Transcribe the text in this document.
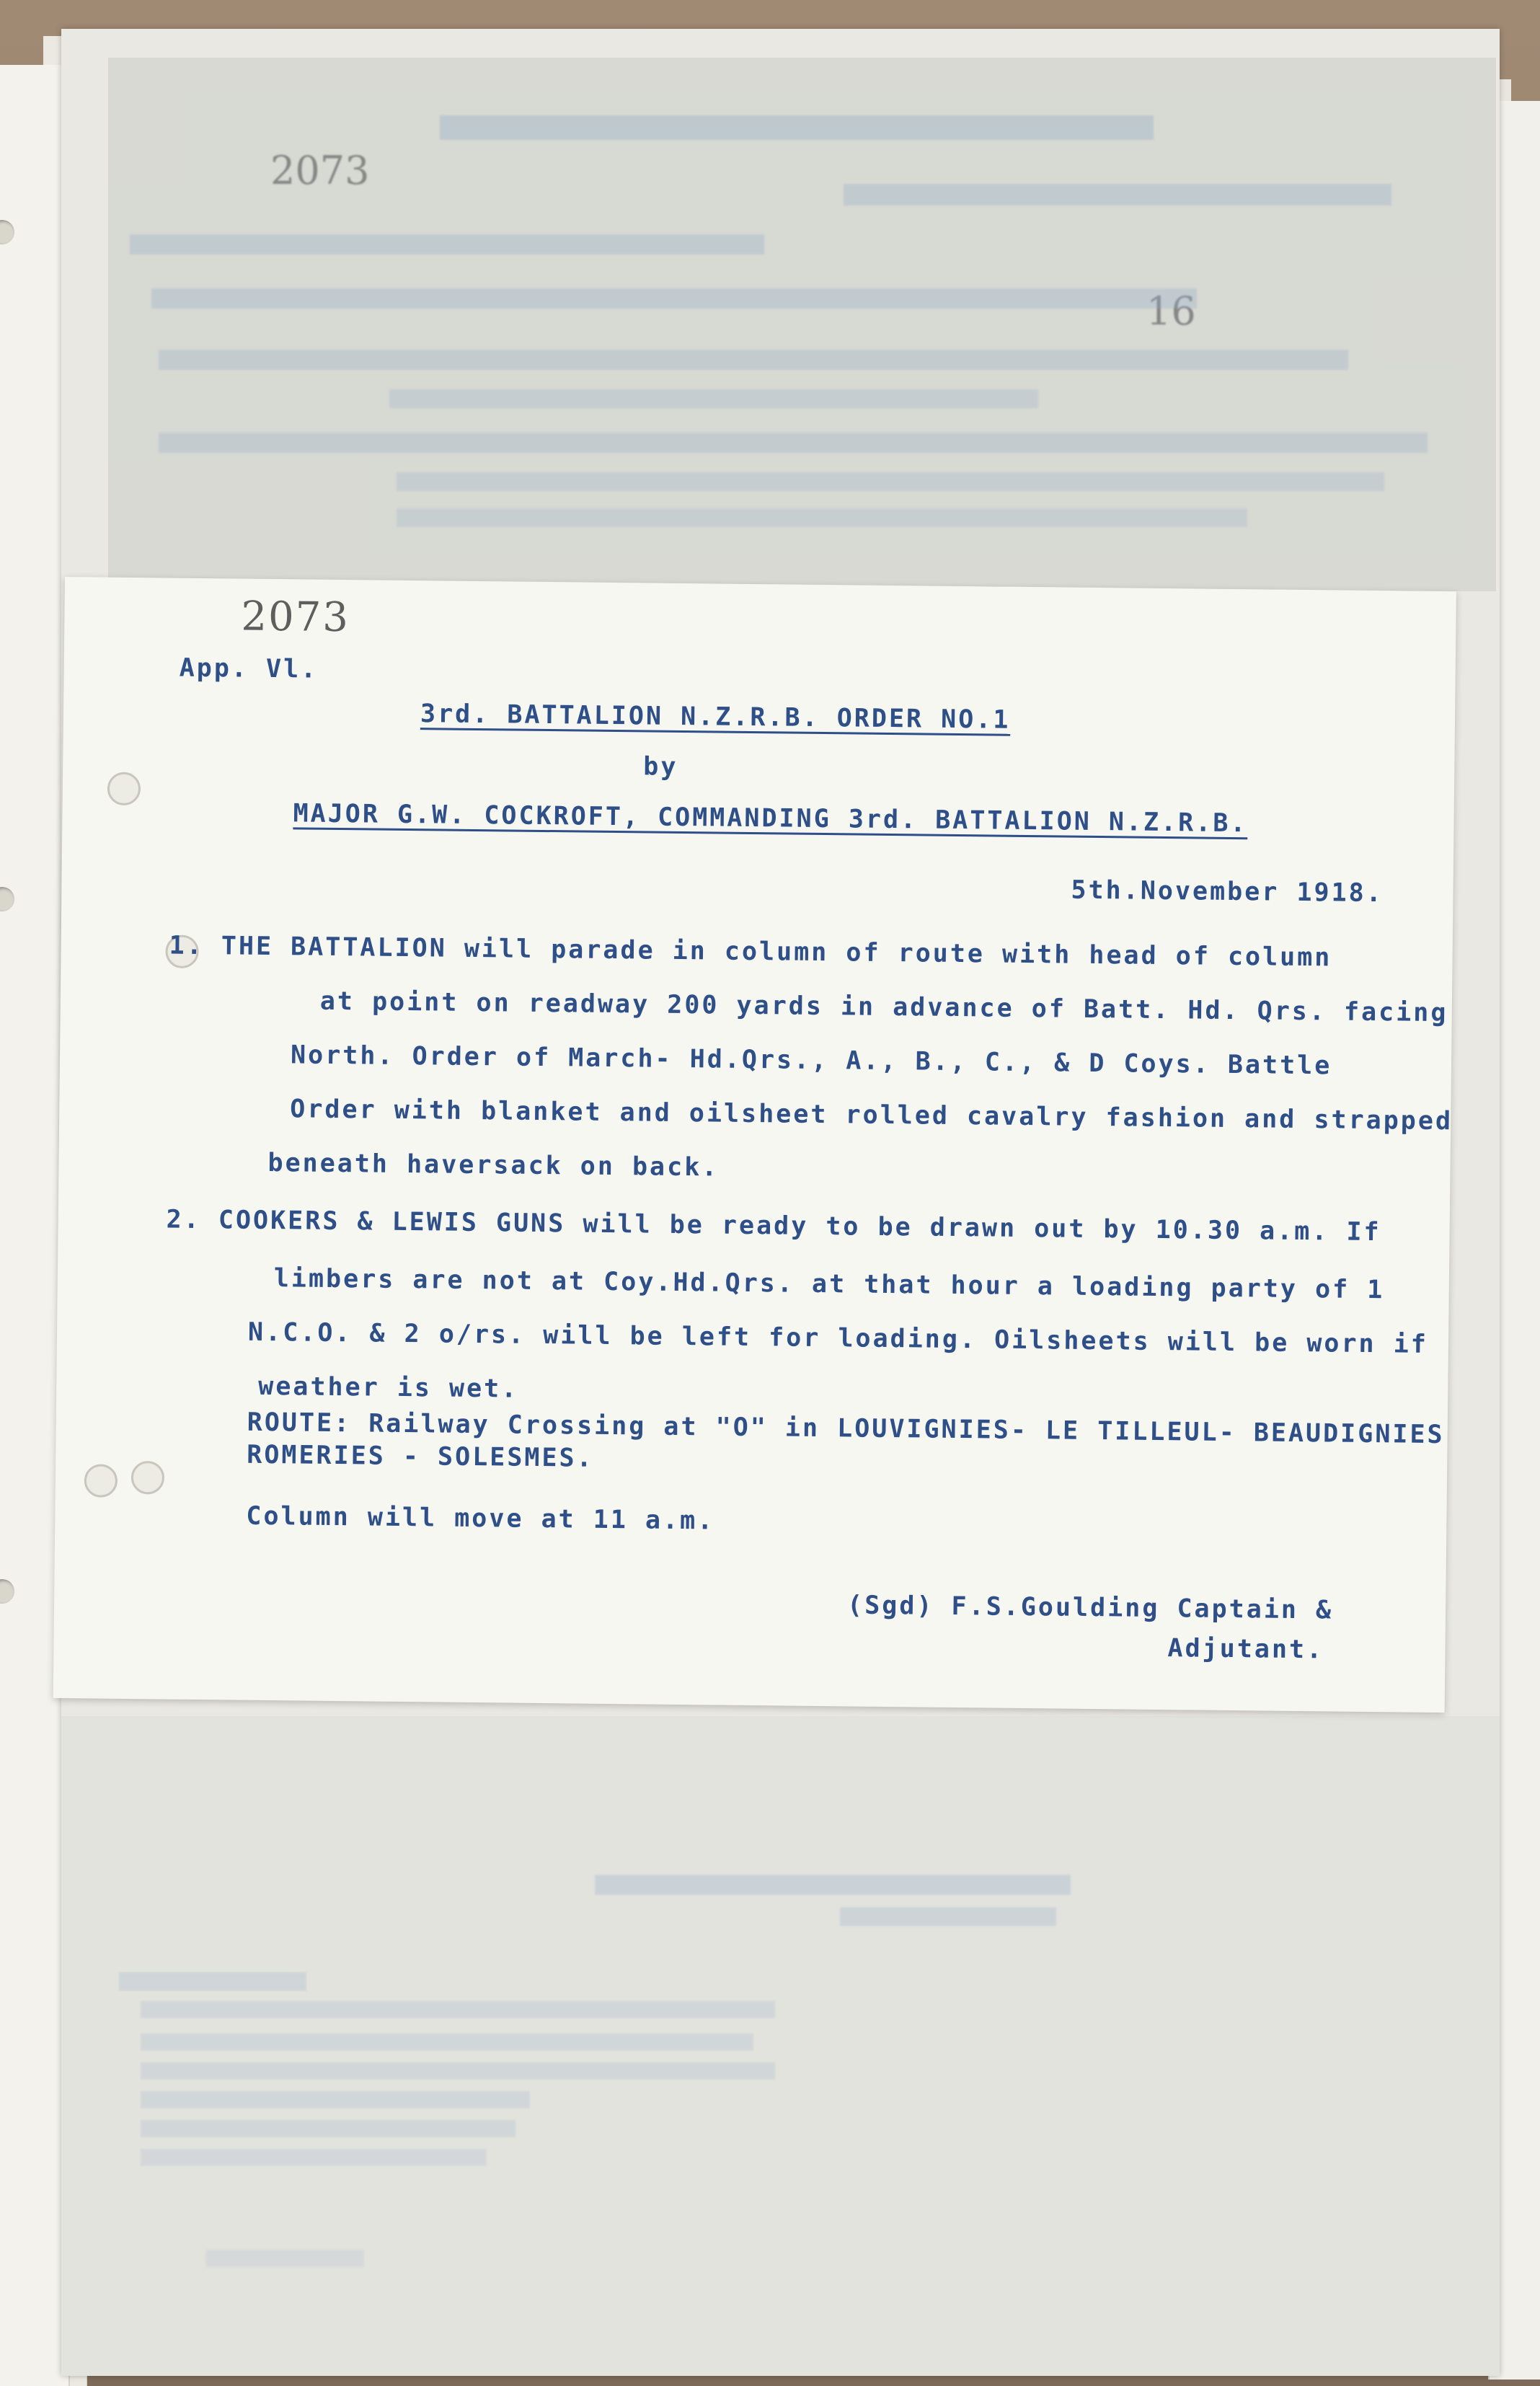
2073
16
2073
App. Vl.
3rd. BATTALION N.Z.R.B. ORDER NO.1
by
MAJOR G.W. COCKROFT, COMMANDING 3rd. BATTALION N.Z.R.B.
5th.November 1918.
1. THE BATTALION will parade in column of route with head of column
at point on readway 200 yards in advance of Batt. Hd. Qrs. facing
North. Order of March- Hd.Qrs., A., B., C., & D Coys. Battle
Order with blanket and oilsheet rolled cavalry fashion and strapped
beneath haversack on back.
2. COOKERS & LEWIS GUNS will be ready to be drawn out by 10.30 a.m. If
limbers are not at Coy.Hd.Qrs. at that hour a loading party of 1
N.C.O. & 2 o/rs. will be left for loading. Oilsheets will be worn if
weather is wet.
ROUTE: Railway Crossing at "O" in LOUVIGNIES- LE TILLEUL- BEAUDIGNIES
ROMERIES - SOLESMES.
Column will move at 11 a.m.
(Sgd) F.S.Goulding Captain &
Adjutant.
